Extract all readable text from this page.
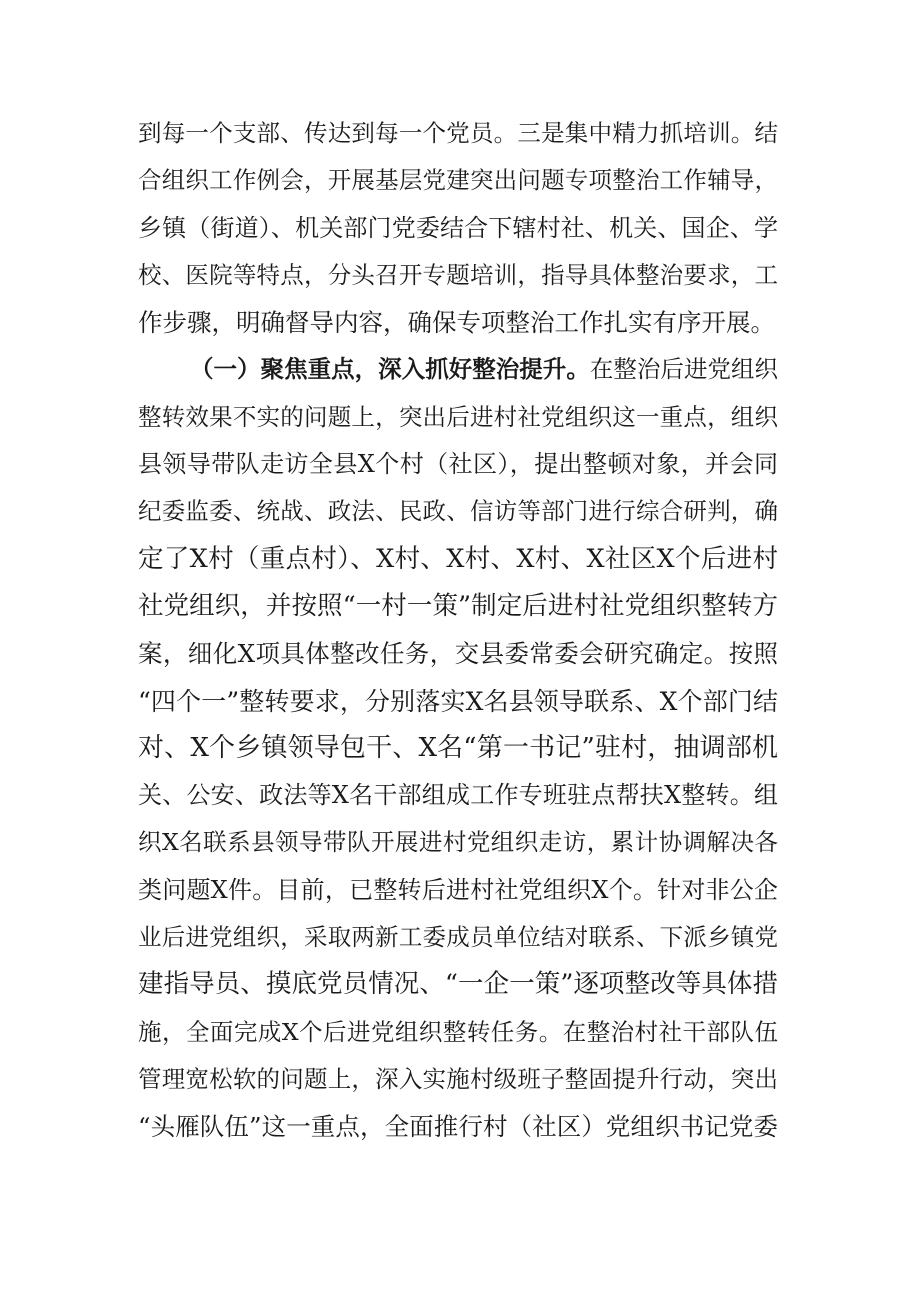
到每一个支部、传达到每一个党员。三是集中精力抓培训。结
合组织工作例会，开展基层党建突出问题专项整治工作辅导，
乡镇（街道）、机关部门党委结合下辖村社、机关、国企、学
校、医院等特点，分头召开专题培训，指导具体整治要求，工
作步骤，明确督导内容，确保专项整治工作扎实有序开展。
（一）聚焦重点，深入抓好整治提升。在整治后进党组织
整转效果不实的问题上，突出后进村社党组织这一重点，组织
县领导带队走访全县X个村（社区），提出整顿对象，并会同
纪委监委、统战、政法、民政、信访等部门进行综合研判，确
定了X村（重点村）、X村、X村、X村、X社区X个后进村
社党组织，并按照“一村一策”制定后进村社党组织整转方
案，细化X项具体整改任务，交县委常委会研究确定。按照
“四个一”整转要求，分别落实X名县领导联系、X个部门结
对、X个乡镇领导包干、X名“第一书记”驻村，抽调部机
关、公安、政法等X名干部组成工作专班驻点帮扶X整转。组
织X名联系县领导带队开展进村党组织走访，累计协调解决各
类问题X件。目前，已整转后进村社党组织X个。针对非公企
业后进党组织，采取两新工委成员单位结对联系、下派乡镇党
建指导员、摸底党员情况、“一企一策”逐项整改等具体措
施，全面完成X个后进党组织整转任务。在整治村社干部队伍
管理宽松软的问题上，深入实施村级班子整固提升行动，突出
“头雁队伍”这一重点，全面推行村（社区）党组织书记党委
